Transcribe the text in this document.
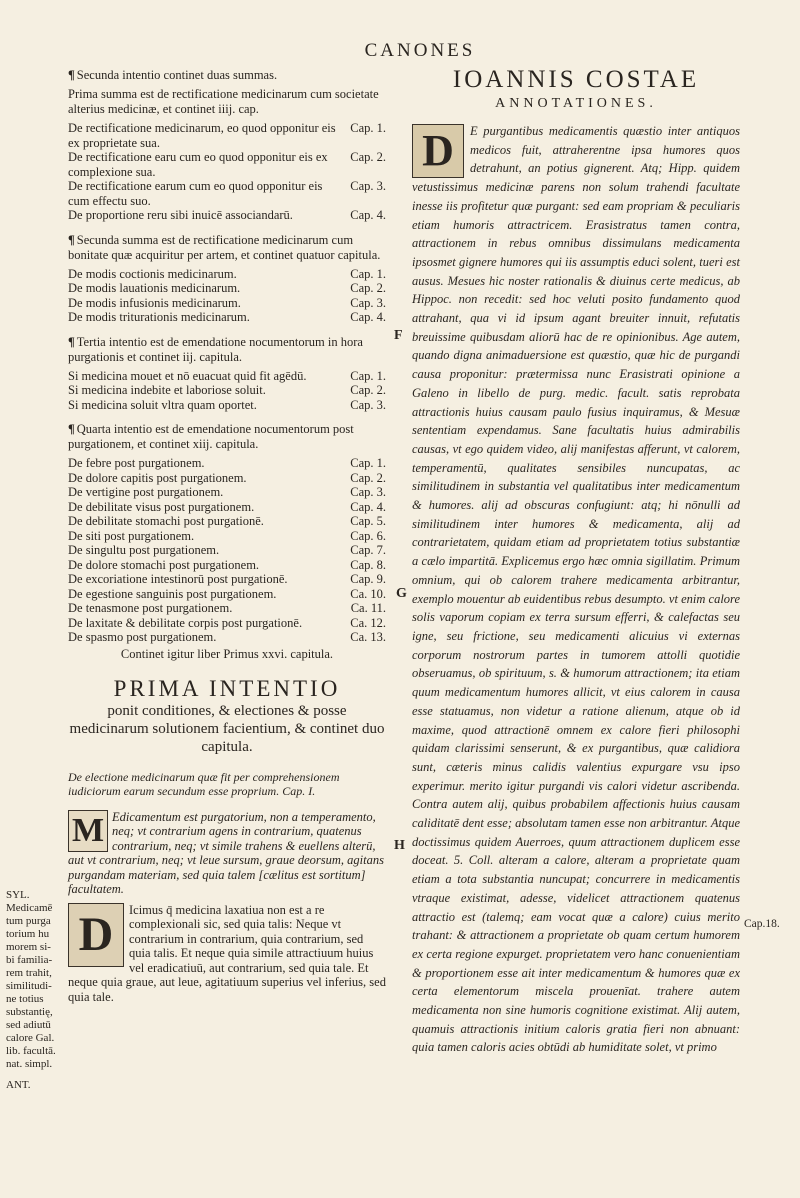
CANONES

¶ Secunda intentio continet duas summas.

Prima summa est de rectificatione medicinarum cum societate alterius medicinæ, et continet iiij. cap.

De rectificatione medicinarum, eo quod opponitur eis ex proprietate sua.
Cap. 1.
De rectificatione earu cum eo quod opponitur eis ex complexione sua.
Cap. 2.
De rectificatione earum cum eo quod opponitur eis cum effectu suo.
Cap. 3.
De proportione reru sibi inuicē associandarū.	Cap. 4.

¶ Secunda summa est de rectificatione medicinarum cum bonitate quæ acquiritur per artem, et continet quatuor capitula.

De modis coctionis medicinarum.	Cap. 1.
De modis lauationis medicinarum.	Cap. 2.
De modis infusionis medicinarum.	Cap. 3.
De modis triturationis medicinarum.	Cap. 4.

¶ Tertia intentio est de emendatione nocumentorum in hora purgationis et continet iij. capitula.

Si medicina mouet et nō euacuat quid fit agēdū.	Cap. 1.
Si medicina indebite et laboriose soluit.	Cap. 2.
Si medicina soluit vltra quam oportet.	Cap. 3.

¶ Quarta intentio est de emendatione nocumentorum post purgationem, et continet xiij. capitula.

De febre post purgationem.	Cap. 1.
De dolore capitis post purgationem.	Cap. 2.
De vertigine post purgationem.	Cap. 3.
De debilitate visus post purgationem.	Cap. 4.
De debilitate stomachi post purgationē.	Cap. 5.
De siti post purgationem.	Cap. 6.
De singultu post purgationem.	Cap. 7.
De dolore stomachi post purgationem.	Cap. 8.
De excoriatione intestinorū post purgationē.	Cap. 9.
De egestione sanguinis post purgationem.	Ca. 10.
De tenasmone post purgationem.	Ca. 11.
De laxitate & debilitate corpis post purgationē.	Ca. 12.
De spasmo post purgationem.	Ca. 13.
Continet igitur liber Primus xxvi. capitula.
PRIMA INTENTIO
ponit conditiones, & electiones & posse medicinarum solutionem facientium, & continet duo capitula.
De electione medicinarum quæ fit per comprehensionem iudiciorum earum secundum esse proprium. Cap. I.
M Edicamentum est purgatorium, non a temperamento, neq; vt contrarium agens in contrarium, quatenus contrarium, neq; vt simile trahens & euellens alterū, aut vt contrarium, neq; vt leue sursum, graue deorsum, agitans purgandam materiam, sed quia talem [cælitus est sortitum] facultatem.
D	Icimus q̄ medicina laxatiua non est a re complexionali sic, sed quia talis: Neque vt contrarium in contrarium, quia contrarium, sed quia talis. Et neque quia simile attractiuum huius vel eradicatiuū, aut contrarium, sed quia tale. Et neque quia graue, aut leue, agitatiuum superius vel inferius, sed quia tale.
SYL.
Medicamē
tum purga
torium hu
morem si-
bi familia-
rem trahit,
similitudi-
ne totius
substantię,
sed adiutū
calore Gal.
lib. facultā.
nat. simpl.
ANT.
IOANNIS COSTAE
ANNOTATIONES.
D	E purgantibus medicamentis quæstio inter antiquos medicos fuit, attraherentne ipsa humores quos detrahunt, an potius gignerent. Atq; Hipp. quidem vetustissimus medicinæ parens non solum trahendi facultate inesse iis profitetur quæ purgant: sed eam propriam & peculiaris etiam humoris attractricem. Erasistratus tamen contra, attractionem in rebus omnibus dissimulans medicamenta ipsosmet gignere humores qui iis assumptis educi solent, tueri est ausus. Mesues hic noster rationalis & diuinus certe medicus, ab Hippoc. non recedit: sed hoc veluti posito fundamento quod attrahant, qua vi id ipsum agant breuiter innuit, refutatis breuissime quibusdam aliorū hac de re opinionibus. Age autem, quando digna animaduersione est quæstio, quæ hic de purgandi causa proponitur: prætermissa nunc Erasistrati opinione a Galeno in libello de purg. medic. facult. satis reprobata attractionis huius causam paulo fusius inquiramus, & Mesuæ sententiam expendamus. Sane facultatis huius admirabilis causas, vt ego quidem video, alij manifestas afferunt, vt calorem, temperamentū, qualitates sensibiles nuncupatas, ac similitudinem in substantia vel qualitatibus inter medicamentum & humores. alij ad obscuras confugiunt: atq; hi nōnulli ad similitudinem inter humores & medicamenta, alij ad contrarietatem, quidam etiam ad proprietatem totius substantiæ a cælo impartitā. Explicemus ergo hæc omnia sigillatim. Primum omnium, qui ob calorem trahere medicamenta arbitrantur, exemplo mouentur ab euidentibus rebus desumpto. vt enim calore solis vaporum copiam ex terra sursum efferri, & calefactas seu igne, seu frictione, seu medicamenti alicuius vi externas corporum nostrorum partes in tumorem attolli quotidie obseruamus, ob spirituum, s. & humorum attractionem; ita etiam quum medicamentum humores allicit, vt eius calorem in causa esse statuamus, non videtur a ratione alienum, atque ob id maxime, quod attractionē omnem ex calore fieri philosophi quidam clarissimi senserunt, & ex purgantibus, quæ calidiora sunt, cæteris minus calidis valentius expurgare vsu ipso experimur. merito igitur purgandi vis calori videtur ascribenda. Contra autem alij, quibus probabilem affectionis huius causam caliditatē dent esse; absolutam tamen esse non arbitrantur. Atque doctissimus quidem Auerroes, quum attractionem duplicem esse doceat. 5. Coll. alteram a calore, alteram a proprietate quam etiam a tota substantia nuncupat; concurrere in medicamentis vtraque existimat, adesse, videlicet attractionem quatenus attractio est (talemq; eam vocat quæ a calore) cuius merito trahant: & attractionem a proprietate ob quam certum humorem ex certa regione expurget. proprietatem vero hanc conuenientiam & proportionem esse ait inter medicamentum & humores quæ ex certa elementorum miscela prouenīat. trahere autem medicamenta non sine humoris cognitione existimat. Alij autem, quamuis attractionis initium caloris gratia fieri non abnuant: quia tamen caloris acies obtūdi ab humiditate solet, vt primo
F
G
H
Cap.18.
